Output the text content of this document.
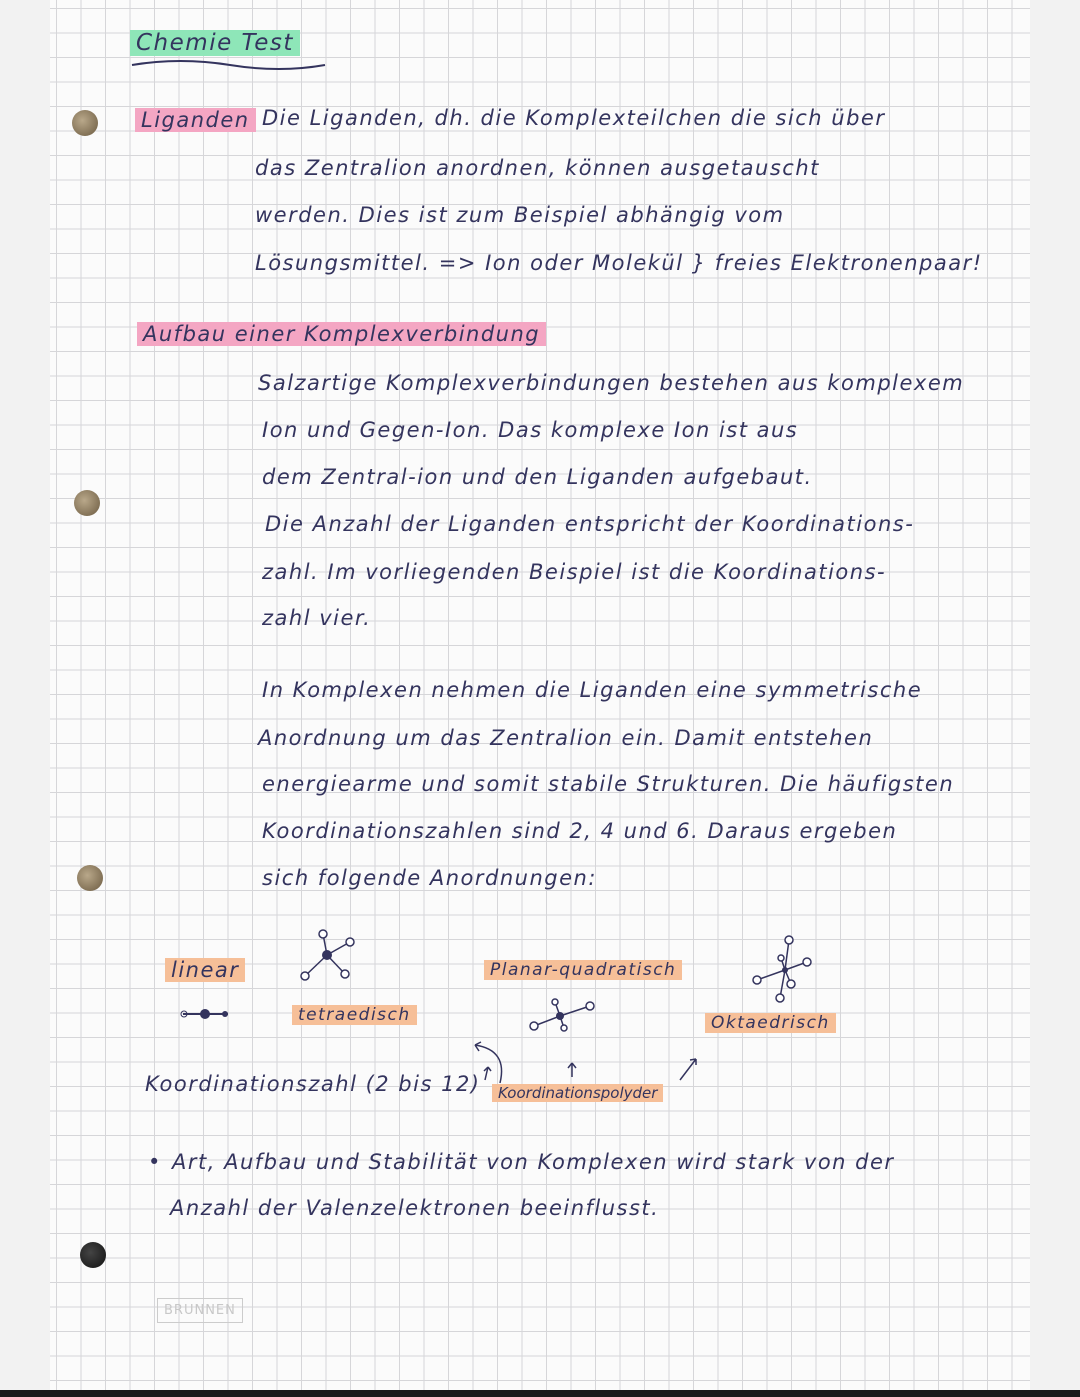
Chemie Test
Liganden Die Liganden, dh. die Komplexteilchen die sich über
das Zentralion anordnen, können ausgetauscht
werden. Dies ist zum Beispiel abhängig vom
Lösungsmittel. => Ion oder Molekül } freies Elektronenpaar!
Aufbau einer Komplexverbindung
Salzartige Komplexverbindungen bestehen aus komplexem
Ion und Gegen-Ion. Das komplexe Ion ist aus
dem Zentral-ion und den Liganden aufgebaut.
Die Anzahl der Liganden entspricht der Koordinations-
zahl. Im vorliegenden Beispiel ist die Koordinations-
zahl vier.
In Komplexen nehmen die Liganden eine symmetrische
Anordnung um das Zentralion ein. Damit entstehen
energiearme und somit stabile Strukturen. Die häufigsten
Koordinationszahlen sind 2, 4 und 6. Daraus ergeben
sich folgende Anordnungen:
linear
tetraedisch
Planar-quadratisch
Oktaedrisch
Koordinationszahl (2 bis 12)	Koordinationspolyder
• Art, Aufbau und Stabilität von Komplexen wird stark von der
Anzahl der Valenzelektronen beeinflusst.
BRUNNEN
